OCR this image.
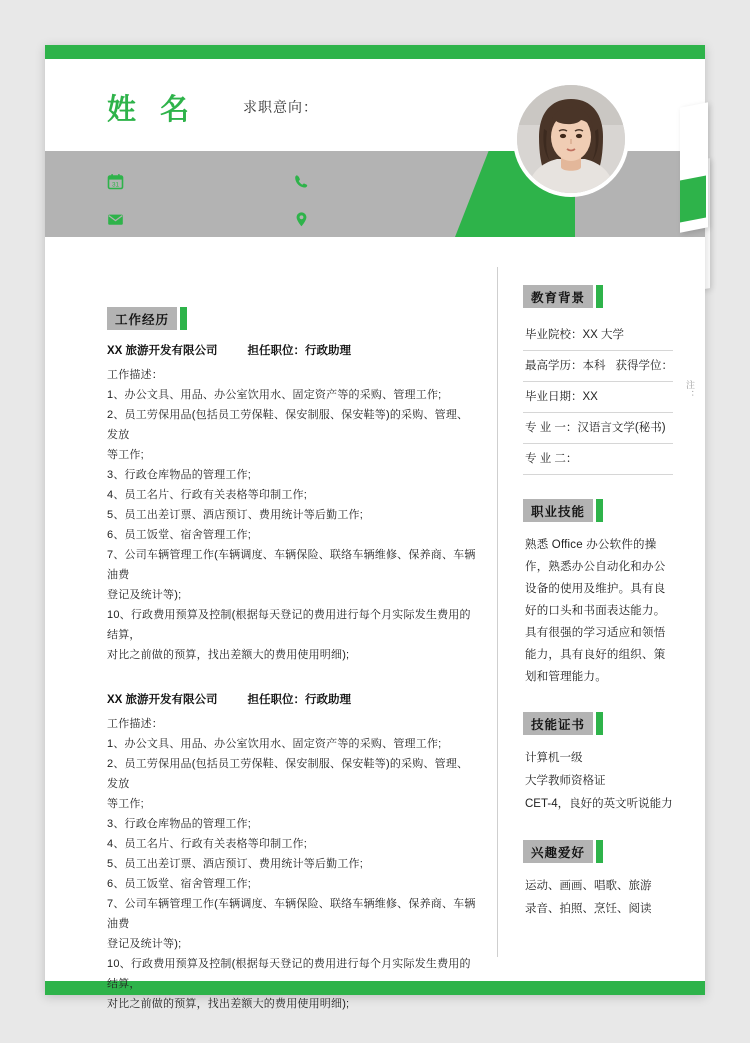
注：
姓 名	求职意向：
31
工作经历
XX 旅游开发有限公司	担任职位：行政助理
工作描述：
1、办公文具、用品、办公室饮用水、固定资产等的采购、管理工作;
2、员工劳保用品(包括员工劳保鞋、保安制服、保安鞋等)的采购、管理、发放
等工作;
3、行政仓库物品的管理工作;
4、员工名片、行政有关表格等印制工作;
5、员工出差订票、酒店预订、费用统计等后勤工作;
6、员工饭堂、宿舍管理工作;
7、公司车辆管理工作(车辆调度、车辆保险、联络车辆维修、保养商、车辆油费
登记及统计等);
10、行政费用预算及控制(根据每天登记的费用进行每个月实际发生费用的结算，
对比之前做的预算，找出差额大的费用使用明细);
XX 旅游开发有限公司	担任职位：行政助理
工作描述：
1、办公文具、用品、办公室饮用水、固定资产等的采购、管理工作;
2、员工劳保用品(包括员工劳保鞋、保安制服、保安鞋等)的采购、管理、发放
等工作;
3、行政仓库物品的管理工作;
4、员工名片、行政有关表格等印制工作;
5、员工出差订票、酒店预订、费用统计等后勤工作;
6、员工饭堂、宿舍管理工作;
7、公司车辆管理工作(车辆调度、车辆保险、联络车辆维修、保养商、车辆油费
登记及统计等);
10、行政费用预算及控制(根据每天登记的费用进行每个月实际发生费用的结算，
对比之前做的预算，找出差额大的费用使用明细);
教育背景
毕业院校：XX 大学
最高学历：本科 获得学位：
毕业日期：XX
专 业 一：汉语言文学(秘书)
专 业 二：
职业技能
熟悉 Office 办公软件的操作，熟悉办公自动化和办公设备的使用及维护。具有良好的口头和书面表达能力。具有很强的学习适应和领悟能力，具有良好的组织、策划和管理能力。
技能证书
计算机一级
大学教师资格证
CET-4，良好的英文听说能力
兴趣爱好
运动、画画、唱歌、旅游
录音、拍照、烹饪、阅读
